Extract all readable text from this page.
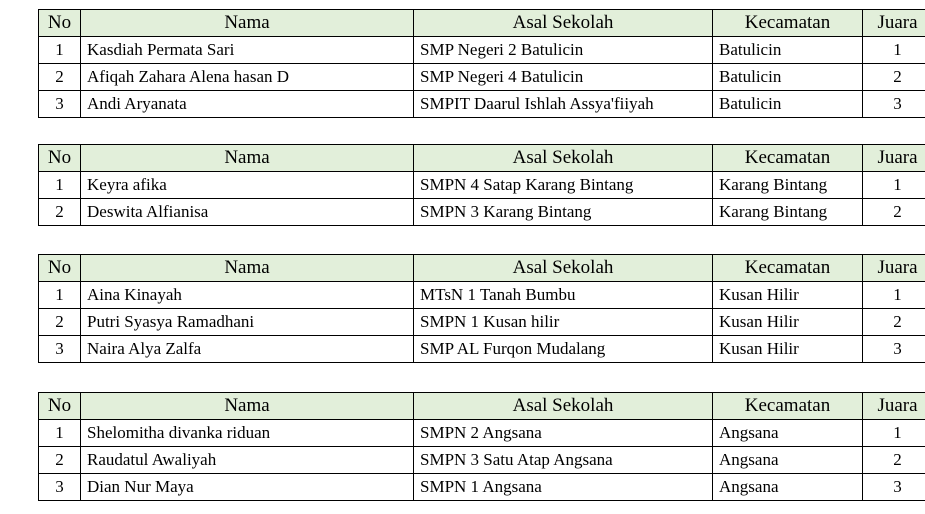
No	Nama	Asal Sekolah	Kecamatan	Juara
1	Kasdiah Permata Sari	SMP Negeri 2 Batulicin	Batulicin	1
2	Afiqah Zahara Alena hasan D	SMP Negeri 4 Batulicin	Batulicin	2
3	Andi Aryanata	SMPIT Daarul Ishlah Assya'fiiyah	Batulicin	3
No	Nama	Asal Sekolah	Kecamatan	Juara
1	Keyra afika	SMPN 4 Satap Karang Bintang	Karang Bintang	1
2	Deswita Alfianisa	SMPN 3 Karang Bintang	Karang Bintang	2
No	Nama	Asal Sekolah	Kecamatan	Juara
1	Aina Kinayah	MTsN 1 Tanah Bumbu	Kusan Hilir	1
2	Putri Syasya Ramadhani	SMPN 1 Kusan hilir	Kusan Hilir	2
3	Naira Alya Zalfa	SMP AL Furqon Mudalang	Kusan Hilir	3
No	Nama	Asal Sekolah	Kecamatan	Juara
1	Shelomitha divanka riduan	SMPN 2 Angsana	Angsana	1
2	Raudatul Awaliyah	SMPN 3 Satu Atap Angsana	Angsana	2
3	Dian Nur Maya	SMPN 1 Angsana	Angsana	3
